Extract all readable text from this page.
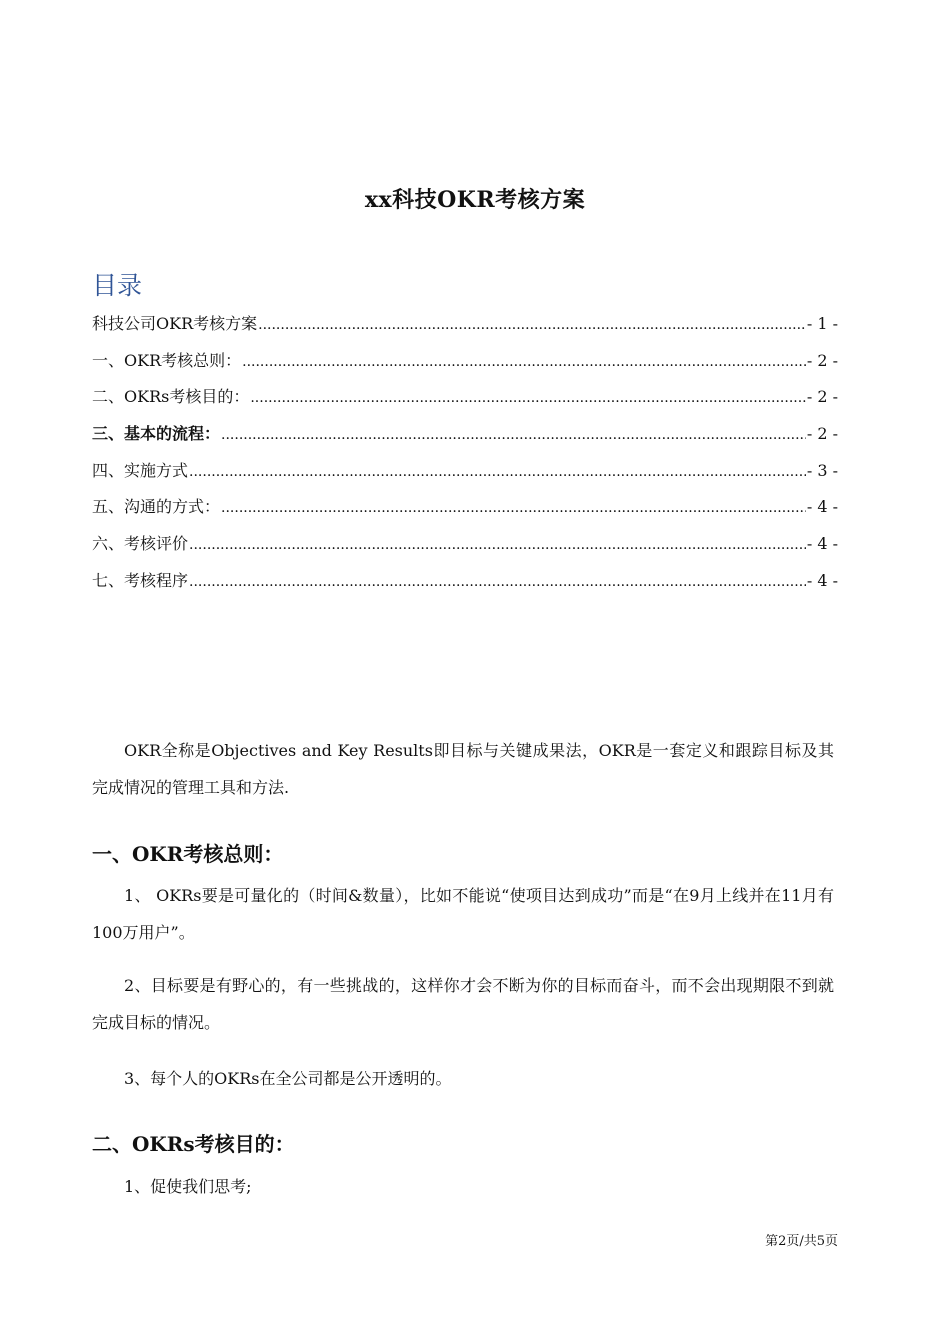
xx科技OKR考核方案
目录
科技公司OKR考核方案 .....	- 1 -
一、OKR考核总则： .....	- 2 -
二、OKRs考核目的： .....	- 2 -
三、基本的流程： .....	- 2 -
四、实施方式 .....	- 3 -
五、沟通的方式： .....	- 4 -
六、考核评价 .....	- 4 -
七、考核程序 .....	- 4 -
OKR全称是Objectives and Key Results即目标与关键成果法，OKR是一套定义和跟踪目标及其完成情况的管理工具和方法.
一、OKR考核总则：
1、 OKRs要是可量化的（时间&数量），比如不能说“使项目达到成功”而是“在9月上线并在11月有100万用户”。
2、目标要是有野心的，有一些挑战的，这样你才会不断为你的目标而奋斗，而不会出现期限不到就完成目标的情况。
3、每个人的OKRs在全公司都是公开透明的。
二、OKRs考核目的：
1、促使我们思考;
第2页/共5页
